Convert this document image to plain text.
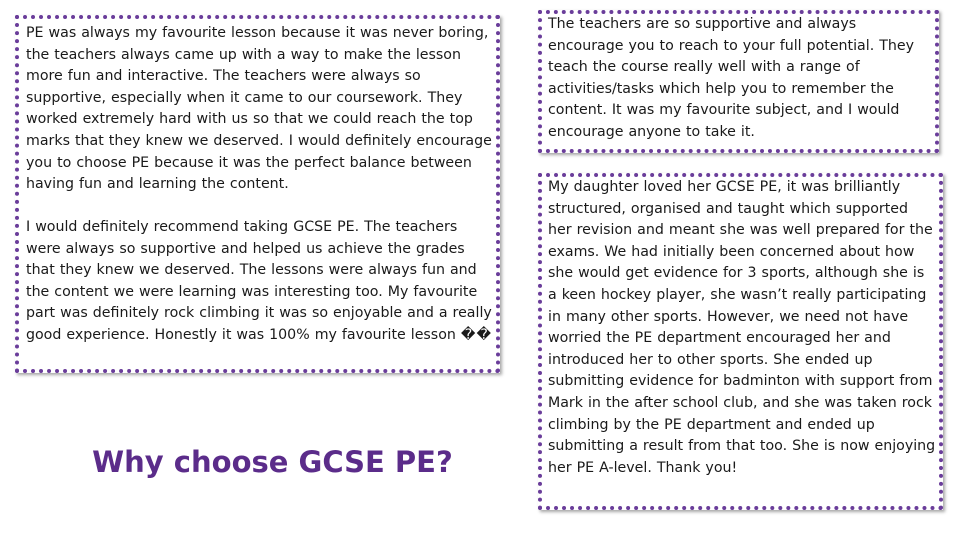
PE was always my favourite lesson because it was never boring, the teachers always came up with a way to make the lesson more fun and interactive. The teachers were always so supportive, especially when it came to our coursework. They worked extremely hard with us so that we could reach the top marks that they knew we deserved. I would definitely encourage you to choose PE because it was the perfect balance between having fun and learning the content.

I would definitely recommend taking GCSE PE. The teachers were always so supportive and helped us achieve the grades that they knew we deserved. The lessons were always fun and the content we were learning was interesting too. My favourite part was definitely rock climbing it was so enjoyable and a really good experience. Honestly it was 100% my favourite lesson ��

The teachers are so supportive and always encourage you to reach to your full potential. They teach the course really well with a range of activities/tasks which help you to remember the content. It was my favourite subject, and I would encourage anyone to take it.

My daughter loved her GCSE PE, it was brilliantly structured, organised and taught which supported her revision and meant she was well prepared for the exams. We had initially been concerned about how she would get evidence for 3 sports, although she is a keen hockey player, she wasn’t really participating in many other sports. However, we need not have worried the PE department encouraged her and introduced her to other sports. She ended up submitting evidence for badminton with support from Mark in the after school club, and she was taken rock climbing by the PE department and ended up submitting a result from that too. She is now enjoying her PE A-level. Thank you!

Why choose GCSE PE?
